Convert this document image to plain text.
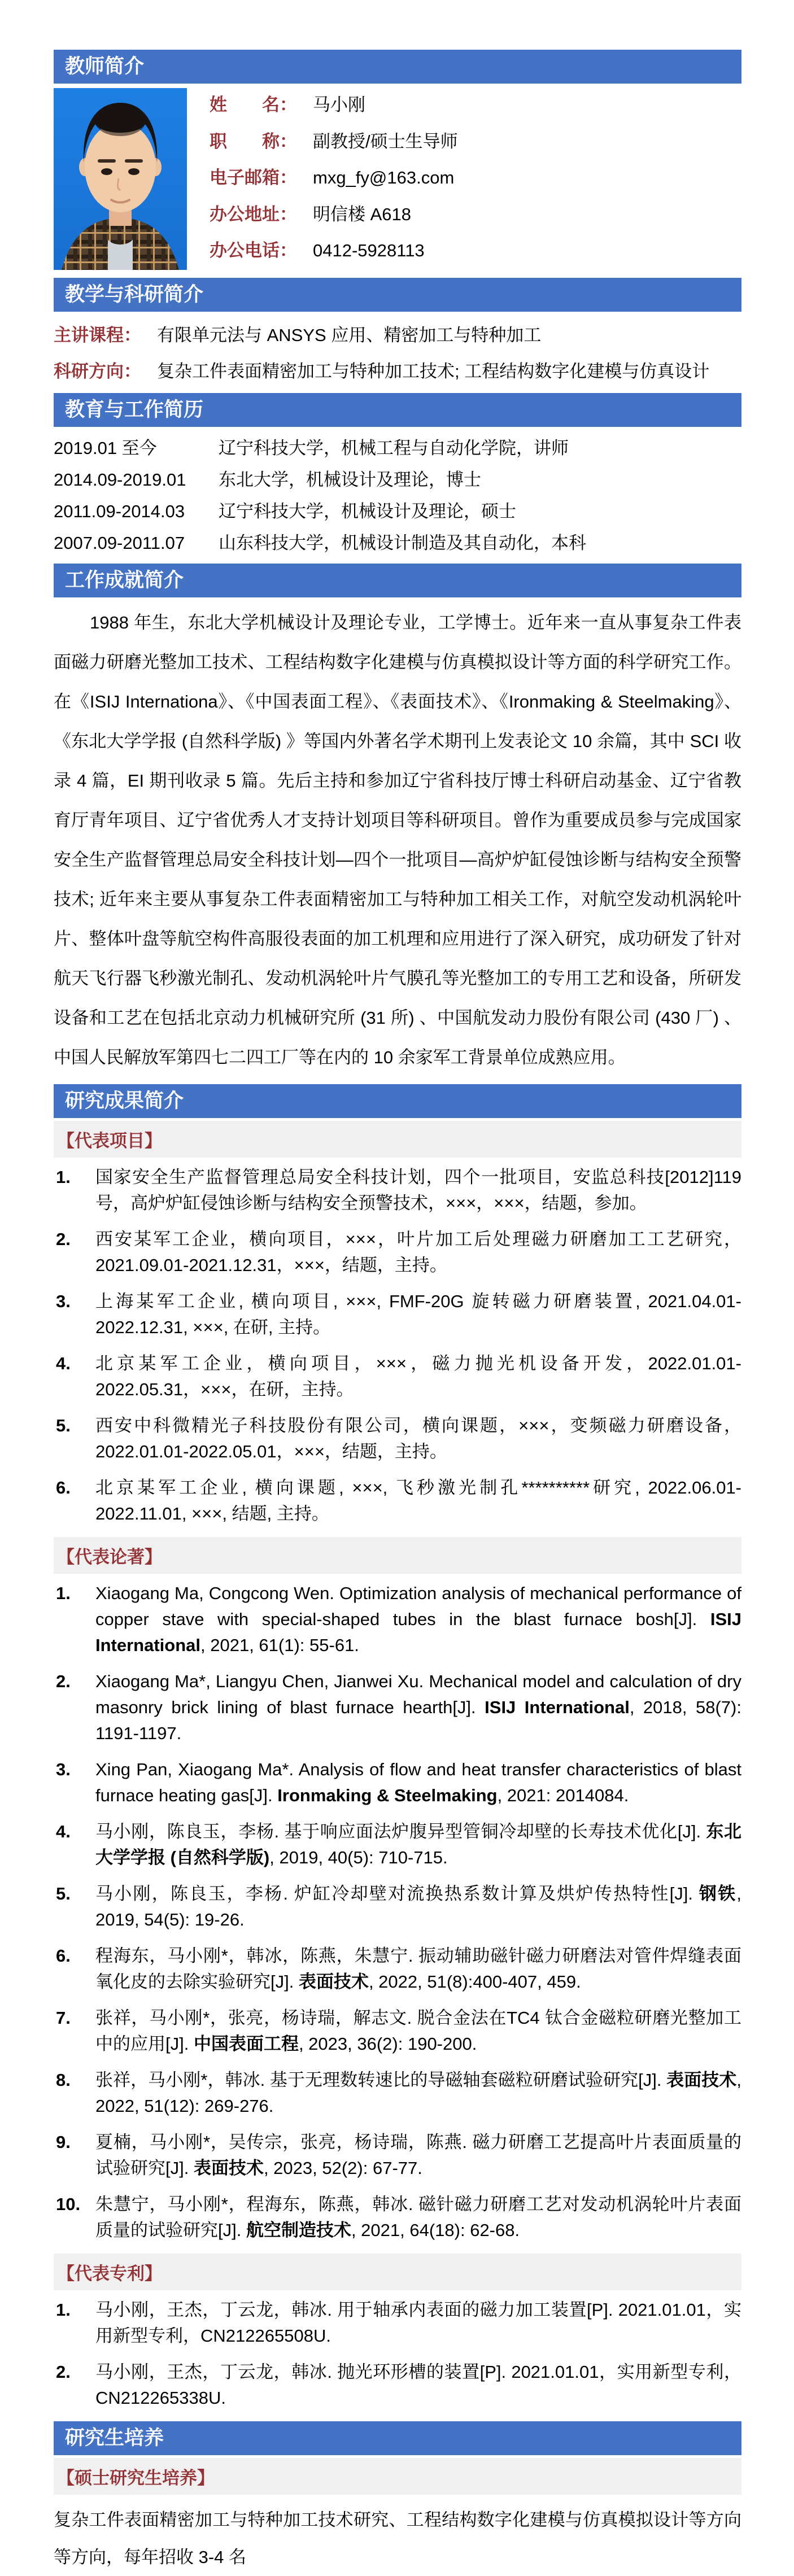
教师简介
姓　　名： 马小刚
职　　称： 副教授/硕士生导师
电子邮箱： mxg_fy@163.com
办公地址： 明信楼 A618
办公电话： 0412-5928113
教学与科研简介
主讲课程： 有限单元法与 ANSYS 应用、精密加工与特种加工
科研方向： 复杂工件表面精密加工与特种加工技术; 工程结构数字化建模与仿真设计
教育与工作简历
2019.01 至今	辽宁科技大学，机械工程与自动化学院，讲师
2014.09-2019.01	东北大学，机械设计及理论，博士
2011.09-2014.03	辽宁科技大学，机械设计及理论，硕士
2007.09-2011.07	山东科技大学，机械设计制造及其自动化，本科
工作成就简介

1988 年生，东北大学机械设计及理论专业，工学博士。近年来一直从事复杂工件表面磁力研磨光整加工技术、工程结构数字化建模与仿真模拟设计等方面的科学研究工作。在《ISIJ Internationa》、《中国表面工程》、《表面技术》、《Ironmaking & Steelmaking》、《东北大学学报 (自然科学版) 》等国内外著名学术期刊上发表论文 10 余篇，其中 SCI 收录 4 篇，EI 期刊收录 5 篇。先后主持和参加辽宁省科技厅博士科研启动基金、辽宁省教育厅青年项目、辽宁省优秀人才支持计划项目等科研项目。曾作为重要成员参与完成国家安全生产监督管理总局安全科技计划—四个一批项目—高炉炉缸侵蚀诊断与结构安全预警技术; 近年来主要从事复杂工件表面精密加工与特种加工相关工作，对航空发动机涡轮叶片、整体叶盘等航空构件高服役表面的加工机理和应用进行了深入研究，成功研发了针对航天飞行器飞秒激光制孔、发动机涡轮叶片气膜孔等光整加工的专用工艺和设备，所研发设备和工艺在包括北京动力机械研究所 (31 所) 、中国航发动力股份有限公司 (430 厂) 、中国人民解放军第四七二四工厂等在内的 10 余家军工背景单位成熟应用。

研究成果简介
【代表项目】
1. 国家安全生产监督管理总局安全科技计划，四个一批项目，安监总科技[2012]119 号，高炉炉缸侵蚀诊断与结构安全预警技术，×××，×××，结题，参加。
2. 西安某军工企业，横向项目，×××，叶片加工后处理磁力研磨加工工艺研究，2021.09.01-2021.12.31，×××，结题，主持。
3. 上海某军工企业, 横向项目, ×××, FMF-20G 旋转磁力研磨装置, 2021.04.01-2022.12.31, ×××, 在研, 主持。
4. 北京某军工企业，横向项目，×××，磁力抛光机设备开发，2022.01.01-2022.05.31，×××，在研，主持。
5. 西安中科微精光子科技股份有限公司，横向课题，×××，变频磁力研磨设备，2022.01.01-2022.05.01，×××，结题，主持。
6. 北京某军工企业, 横向课题, ×××, 飞秒激光制孔**********研究, 2022.06.01-2022.11.01, ×××, 结题, 主持。
【代表论著】
1. Xiaogang Ma, Congcong Wen. Optimization analysis of mechanical performance of copper stave with special-shaped tubes in the blast furnace bosh[J]. ISIJ International, 2021, 61(1): 55-61.
2. Xiaogang Ma*, Liangyu Chen, Jianwei Xu. Mechanical model and calculation of dry masonry brick lining of blast furnace hearth[J]. ISIJ International, 2018, 58(7): 1191-1197.
3. Xing Pan, Xiaogang Ma*. Analysis of flow and heat transfer characteristics of blast furnace heating gas[J]. Ironmaking & Steelmaking, 2021: 2014084.
4. 马小刚，陈良玉，李杨. 基于响应面法炉腹异型管铜冷却壁的长寿技术优化[J]. 东北大学学报 (自然科学版), 2019, 40(5): 710-715.
5. 马小刚，陈良玉，李杨. 炉缸冷却壁对流换热系数计算及烘炉传热特性[J]. 钢铁, 2019, 54(5): 19-26.
6. 程海东，马小刚*，韩冰，陈燕，朱慧宁. 振动辅助磁针磁力研磨法对管件焊缝表面氧化皮的去除实验研究[J]. 表面技术, 2022, 51(8):400-407, 459.
7. 张祥，马小刚*，张亮，杨诗瑞，解志文. 脱合金法在TC4 钛合金磁粒研磨光整加工中的应用[J]. 中国表面工程, 2023, 36(2): 190-200.
8. 张祥，马小刚*，韩冰. 基于无理数转速比的导磁轴套磁粒研磨试验研究[J]. 表面技术, 2022, 51(12): 269-276.
9. 夏楠，马小刚*，吴传宗，张亮，杨诗瑞，陈燕. 磁力研磨工艺提高叶片表面质量的试验研究[J]. 表面技术, 2023, 52(2): 67-77.
10. 朱慧宁，马小刚*，程海东，陈燕，韩冰. 磁针磁力研磨工艺对发动机涡轮叶片表面质量的试验研究[J]. 航空制造技术, 2021, 64(18): 62-68.
【代表专利】
1. 马小刚，王杰，丁云龙，韩冰. 用于轴承内表面的磁力加工装置[P]. 2021.01.01，实用新型专利，CN212265508U.
2. 马小刚，王杰，丁云龙，韩冰. 抛光环形槽的装置[P]. 2021.01.01，实用新型专利，CN212265338U.
研究生培养
【硕士研究生培养】

复杂工件表面精密加工与特种加工技术研究、工程结构数字化建模与仿真模拟设计等方向等方向，每年招收 3-4 名
